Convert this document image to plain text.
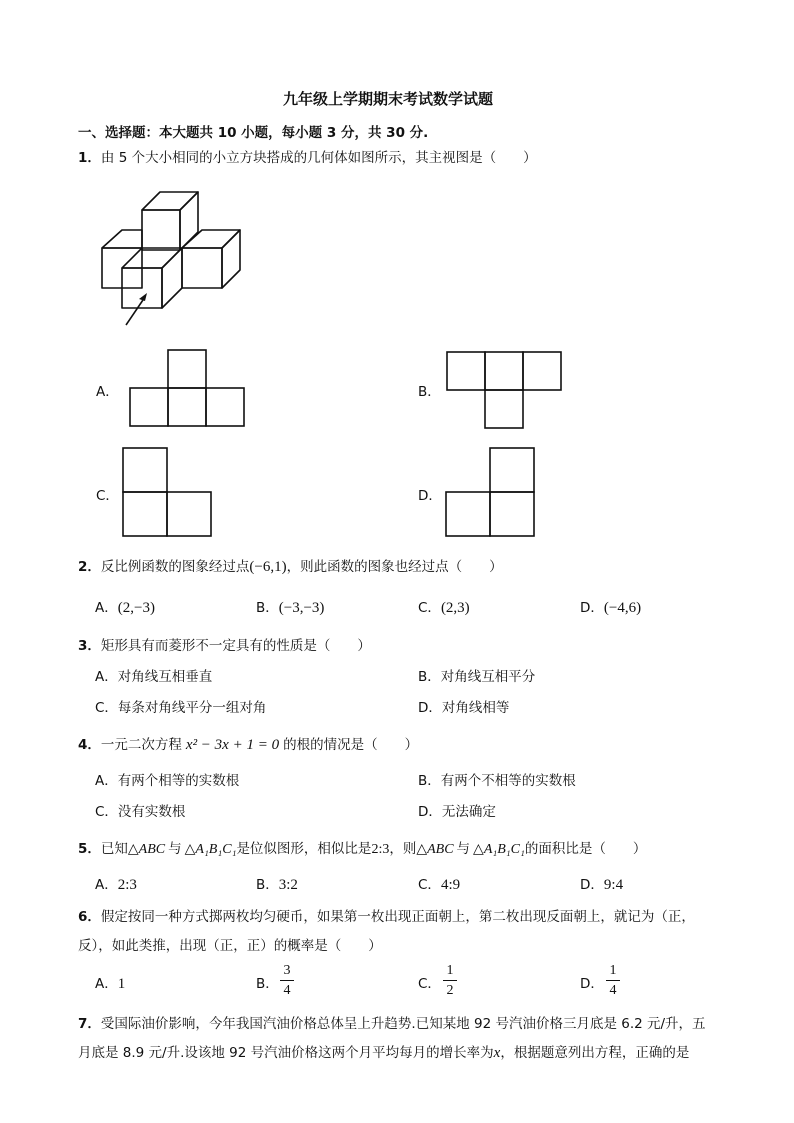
九年级上学期期末考试数学试题
一、选择题：本大题共 10 小题，每小题 3 分，共 30 分.
1．由 5 个大小相同的小立方块搭成的几何体如图所示，其主视图是（　　）
A．	B．
C．	D．
2．反比例函数的图象经过点(−6,1)，则此函数的图象也经过点（　　）
A．(2,−3)	B．(−3,−3)	C．(2,3)	D．(−4,6)
3．矩形具有而菱形不一定具有的性质是（　　）
A．对角线互相垂直	B．对角线互相平分
C．每条对角线平分一组对角	D．对角线相等
4．一元二次方程 x² − 3x + 1 = 0 的根的情况是（　　）
A．有两个相等的实数根	B．有两个不相等的实数根
C．没有实数根	D．无法确定
5．已知△ABC 与 △A₁B₁C₁是位似图形，相似比是2:3，则△ABC 与 △A₁B₁C₁的面积比是（　　）
A．2:3	B．3:2	C．4:9	D．9:4
6．假定按同一种方式掷两枚均匀硬币，如果第一枚出现正面朝上，第二枚出现反面朝上，就记为（正，
反），如此类推，出现（正，正）的概率是（　　）
A．1	B．
3
4	C．
1
2	D．
1
4
7．受国际油价影响，今年我国汽油价格总体呈上升趋势.已知某地 92 号汽油价格三月底是 6.2 元/升，五
月底是 8.9 元/升.设该地 92 号汽油价格这两个月平均每月的增长率为x，根据题意列出方程，正确的是
